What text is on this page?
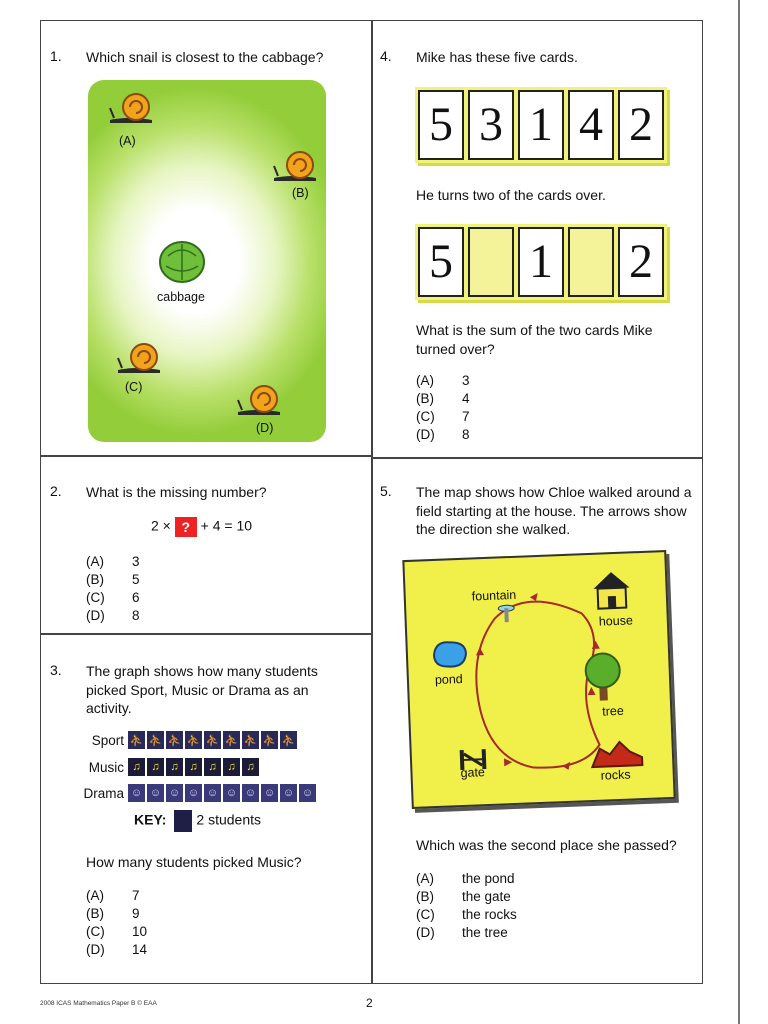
1. Which snail is closest to the cabbage?
(A)
(B)
cabbage
(C)
(D)
2. What is the missing number?
2 × ? + 4 = 10
(A)	3
(B)	5
(C)	6
(D)	8
3. The graph shows how many students picked Sport, Music or Drama as an activity.
Sport ⛹ ⛹ ⛹ ⛹ ⛹ ⛹ ⛹ ⛹ ⛹
Music ♫ ♫ ♫ ♫ ♫ ♫ ♫
Drama ☺ ☺ ☺ ☺ ☺ ☺ ☺ ☺ ☺ ☺
KEY: 2 students
How many students picked Music?
(A)	7
(B)	9
(C)	10
(D)	14
4. Mike has these five cards.
5 3 1 4 2
He turns two of the cards over.
5 1 2
What is the sum of the two cards Mike turned over?
(A)	3
(B)	4
(C)	7
(D)	8
5. The map shows how Chloe walked around a field starting at the house. The arrows show the direction she walked.
house
fountain
pond
tree
gate	rocks
Which was the second place she passed?
(A)	the pond
(B)	the gate
(C)	the rocks
(D)	the tree
2008 ICAS Mathematics Paper B © EAA	2
